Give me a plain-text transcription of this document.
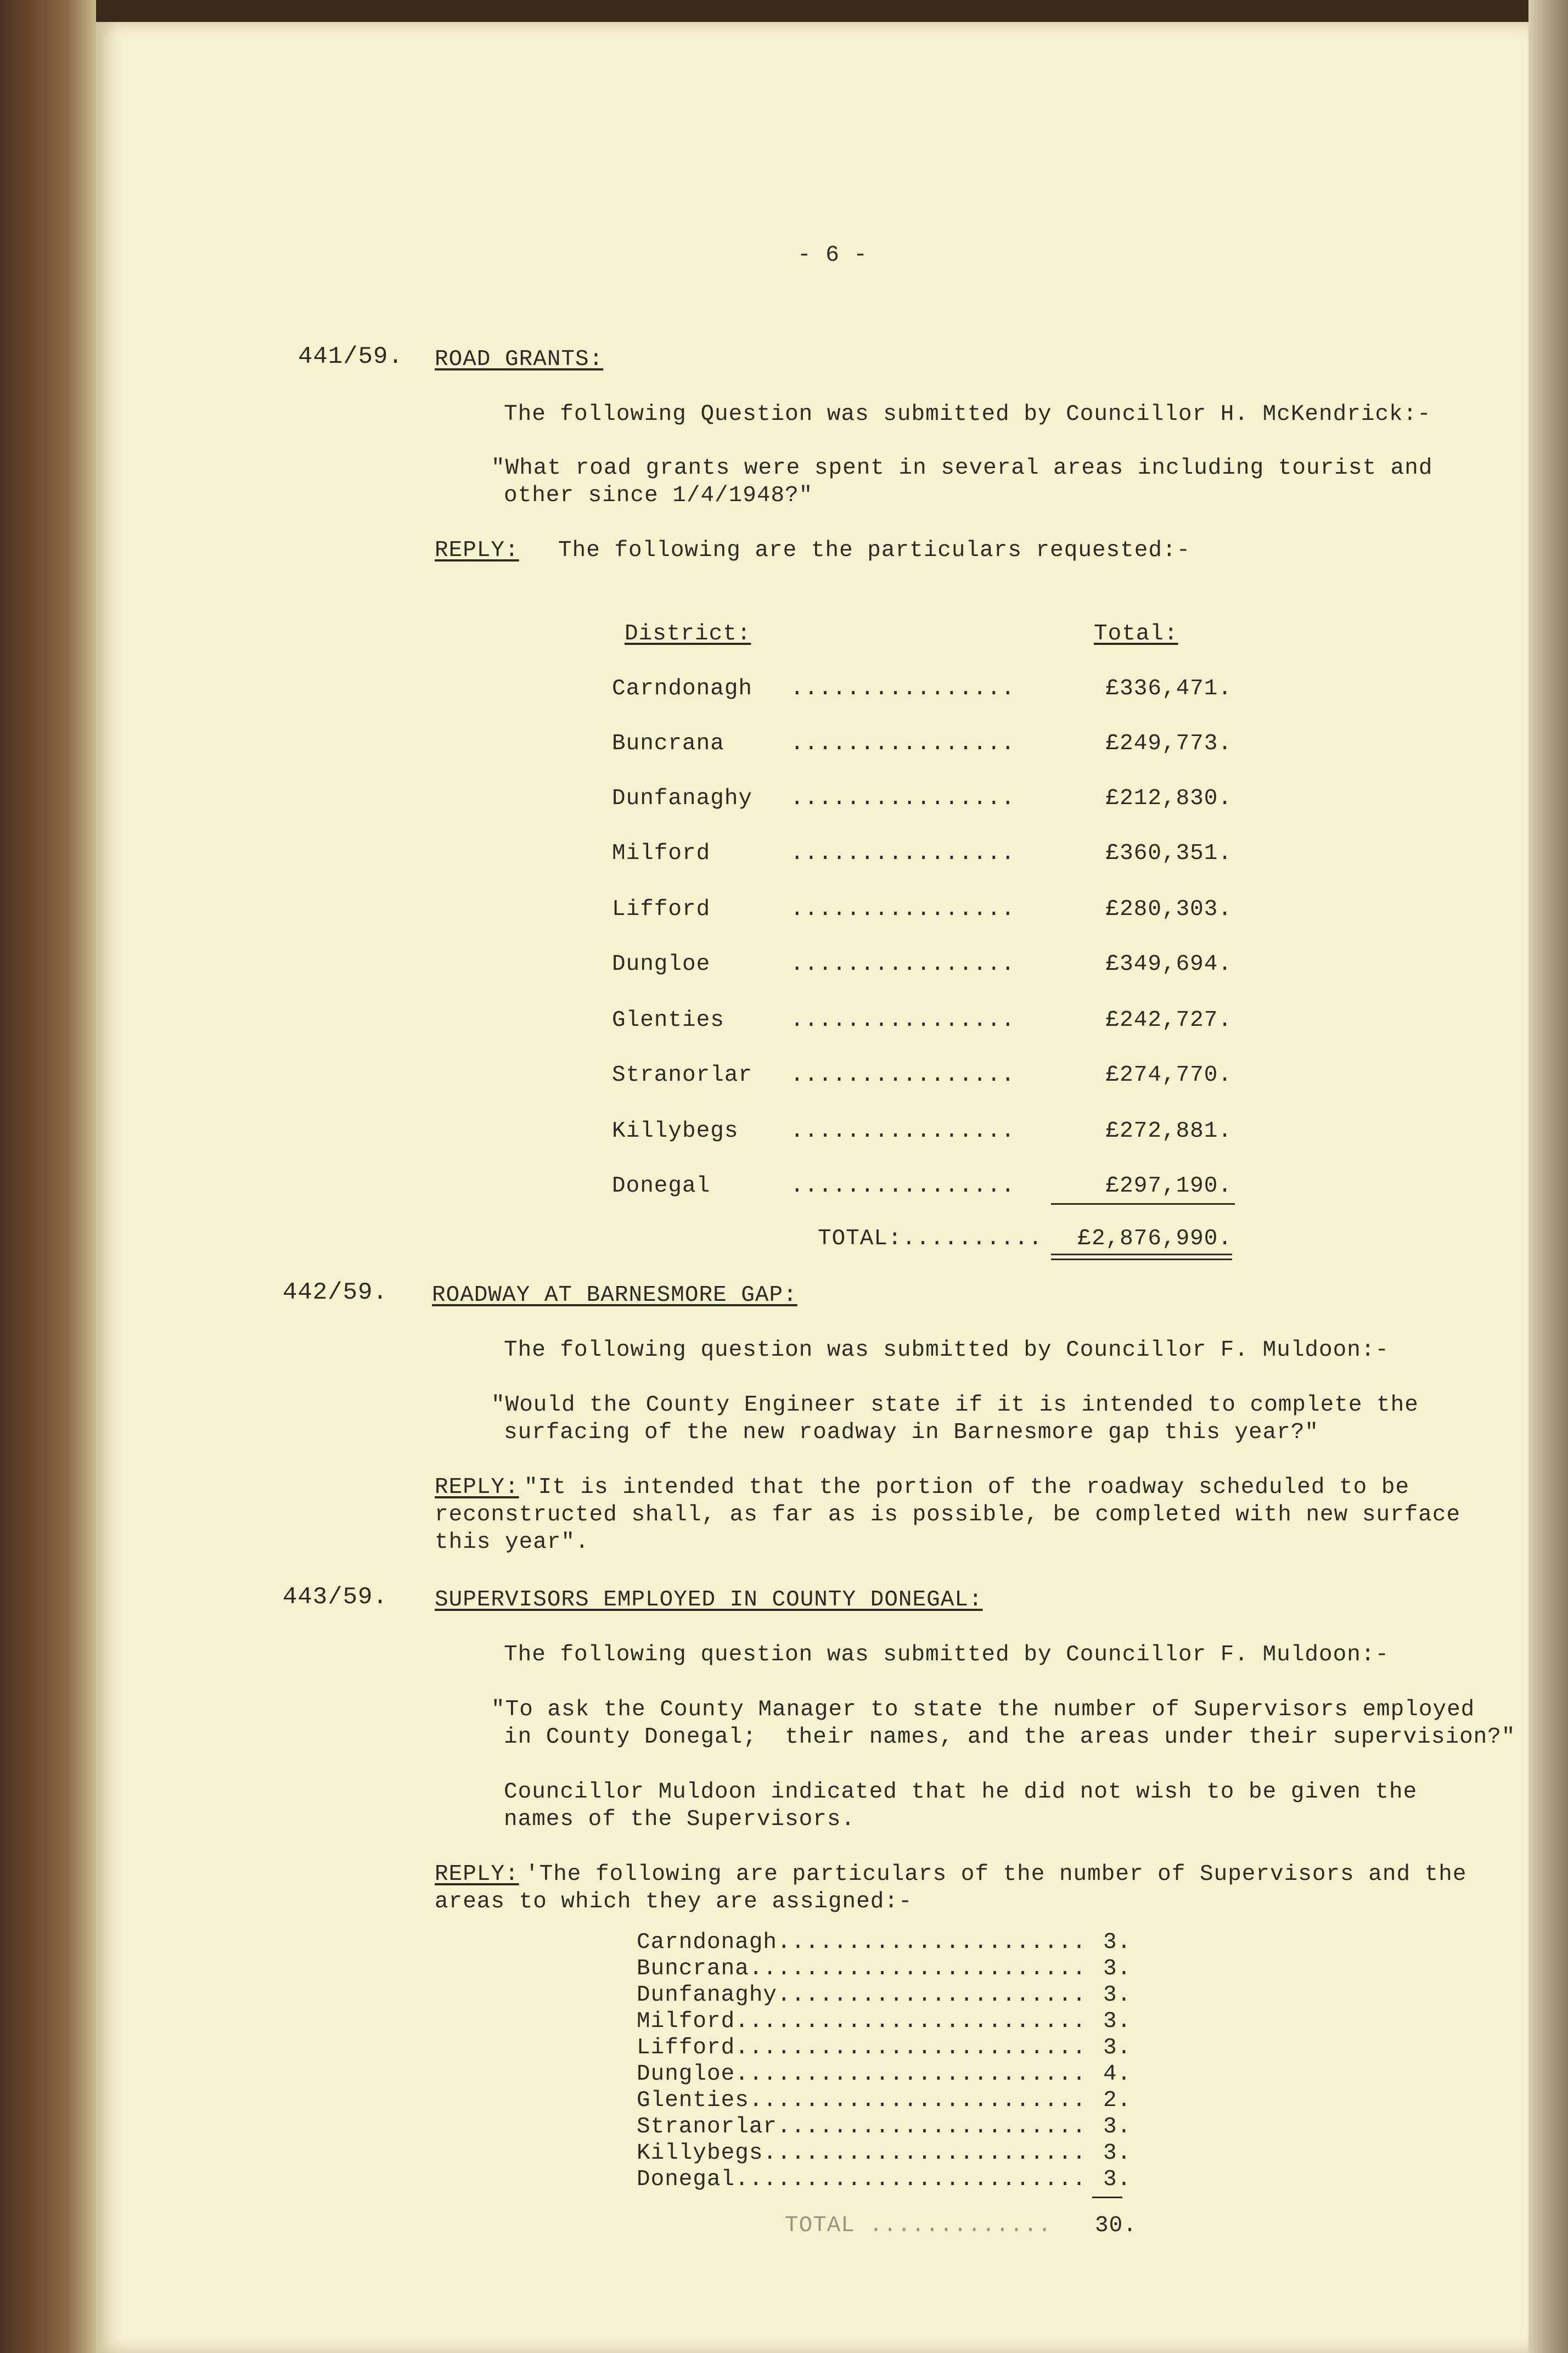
- 6 -
441/59. ROAD GRANTS:
The following Question was submitted by Councillor H. McKendrick:-
"What road grants were spent in several areas including tourist and
other since 1/4/1948?"
REPLY: The following are the particulars requested:-
District:	Total:
Carndonagh ................	£336,471.
Buncrana	................	£249,773.
Dunfanaghy ................	£212,830.
Milford	................	£360,351.
Lifford	................	£280,303.
Dungloe	................	£349,694.
Glenties	................	£242,727.
Stranorlar ................	£274,770.
Killybegs ................	£272,881.
Donegal	................	£297,190.
TOTAL:..........	£2,876,990.
442/59. ROADWAY AT BARNESMORE GAP:
The following question was submitted by Councillor F. Muldoon:-
"Would the County Engineer state if it is intended to complete the
surfacing of the new roadway in Barnesmore gap this year?"
REPLY: "It is intended that the portion of the roadway scheduled to be
reconstructed shall, as far as is possible, be completed with new surface
this year".
443/59. SUPERVISORS EMPLOYED IN COUNTY DONEGAL:
The following question was submitted by Councillor F. Muldoon:-
"To ask the County Manager to state the number of Supervisors employed
in County Donegal;  their names, and the areas under their supervision?"
Councillor Muldoon indicated that he did not wish to be given the
names of the Supervisors.
REPLY: 'The following are particulars of the number of Supervisors and the
areas to which they are assigned:-
Carndonagh...................... 3.
Buncrana........................ 3.
Dunfanaghy...................... 3.
Milford......................... 3.
Lifford......................... 3.
Dungloe......................... 4.
Glenties........................ 2.
Stranorlar...................... 3.
Killybegs....................... 3.
Donegal......................... 3.
TOTAL ............. 30.
